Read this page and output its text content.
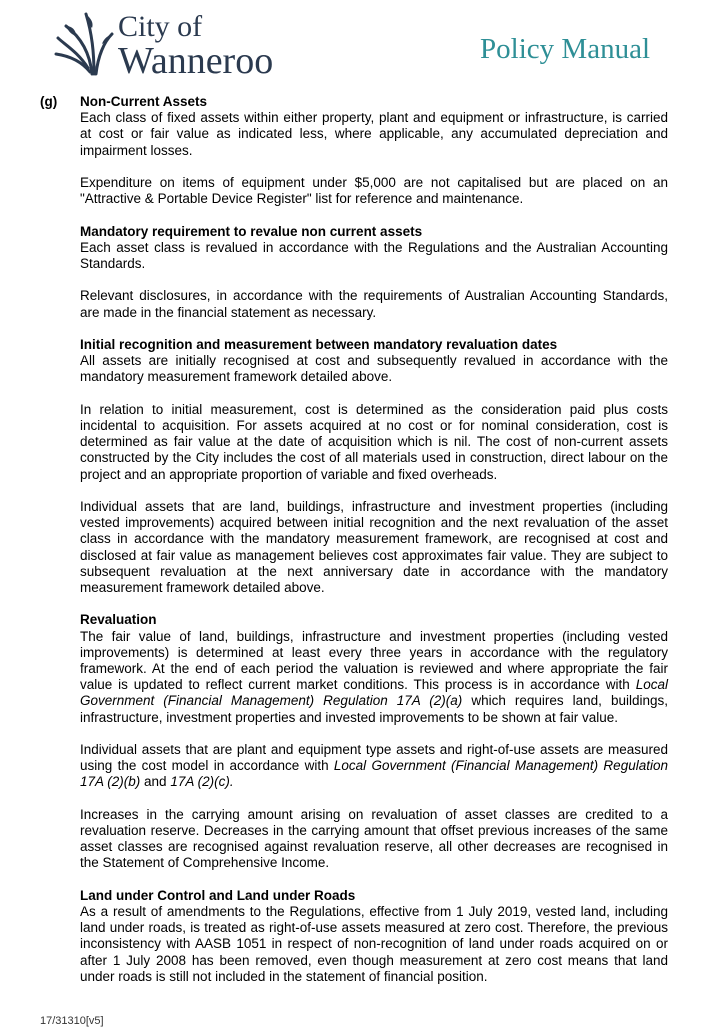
City of
Wanneroo	Policy Manual
(g) Non-Current Assets

Each class of fixed assets within either property, plant and equipment or infrastructure, is carried at cost or fair value as indicated less, where applicable, any accumulated depreciation and impairment losses.

Expenditure on items of equipment under $5,000 are not capitalised but are placed on an "Attractive & Portable Device Register" list for reference and maintenance.

Mandatory requirement to revalue non current assets

Each asset class is revalued in accordance with the Regulations and the Australian Accounting Standards.

Relevant disclosures, in accordance with the requirements of Australian Accounting Standards, are made in the financial statement as necessary.

Initial recognition and measurement between mandatory revaluation dates

All assets are initially recognised at cost and subsequently revalued in accordance with the mandatory measurement framework detailed above.

In relation to initial measurement, cost is determined as the consideration paid plus costs incidental to acquisition. For assets acquired at no cost or for nominal consideration, cost is determined as fair value at the date of acquisition which is nil. The cost of non-current assets constructed by the City includes the cost of all materials used in construction, direct labour on the project and an appropriate proportion of variable and fixed overheads.

Individual assets that are land, buildings, infrastructure and investment properties (including vested improvements) acquired between initial recognition and the next revaluation of the asset class in accordance with the mandatory measurement framework, are recognised at cost and disclosed at fair value as management believes cost approximates fair value. They are subject to subsequent revaluation at the next anniversary date in accordance with the mandatory measurement framework detailed above.

Revaluation

The fair value of land, buildings, infrastructure and investment properties (including vested improvements) is determined at least every three years in accordance with the regulatory framework. At the end of each period the valuation is reviewed and where appropriate the fair value is updated to reflect current market conditions. This process is in accordance with Local Government (Financial Management) Regulation 17A (2)(a) which requires land, buildings, infrastructure, investment properties and invested improvements to be shown at fair value.

Individual assets that are plant and equipment type assets and right-of-use assets are measured using the cost model in accordance with Local Government (Financial Management) Regulation 17A (2)(b) and 17A (2)(c).

Increases in the carrying amount arising on revaluation of asset classes are credited to a revaluation reserve. Decreases in the carrying amount that offset previous increases of the same asset classes are recognised against revaluation reserve, all other decreases are recognised in the Statement of Comprehensive Income.

Land under Control and Land under Roads

As a result of amendments to the Regulations, effective from 1 July 2019, vested land, including land under roads, is treated as right-of-use assets measured at zero cost. Therefore, the previous inconsistency with AASB 1051 in respect of non-recognition of land under roads acquired on or after 1 July 2008 has been removed, even though measurement at zero cost means that land under roads is still not included in the statement of financial position.

17/31310[v5]
